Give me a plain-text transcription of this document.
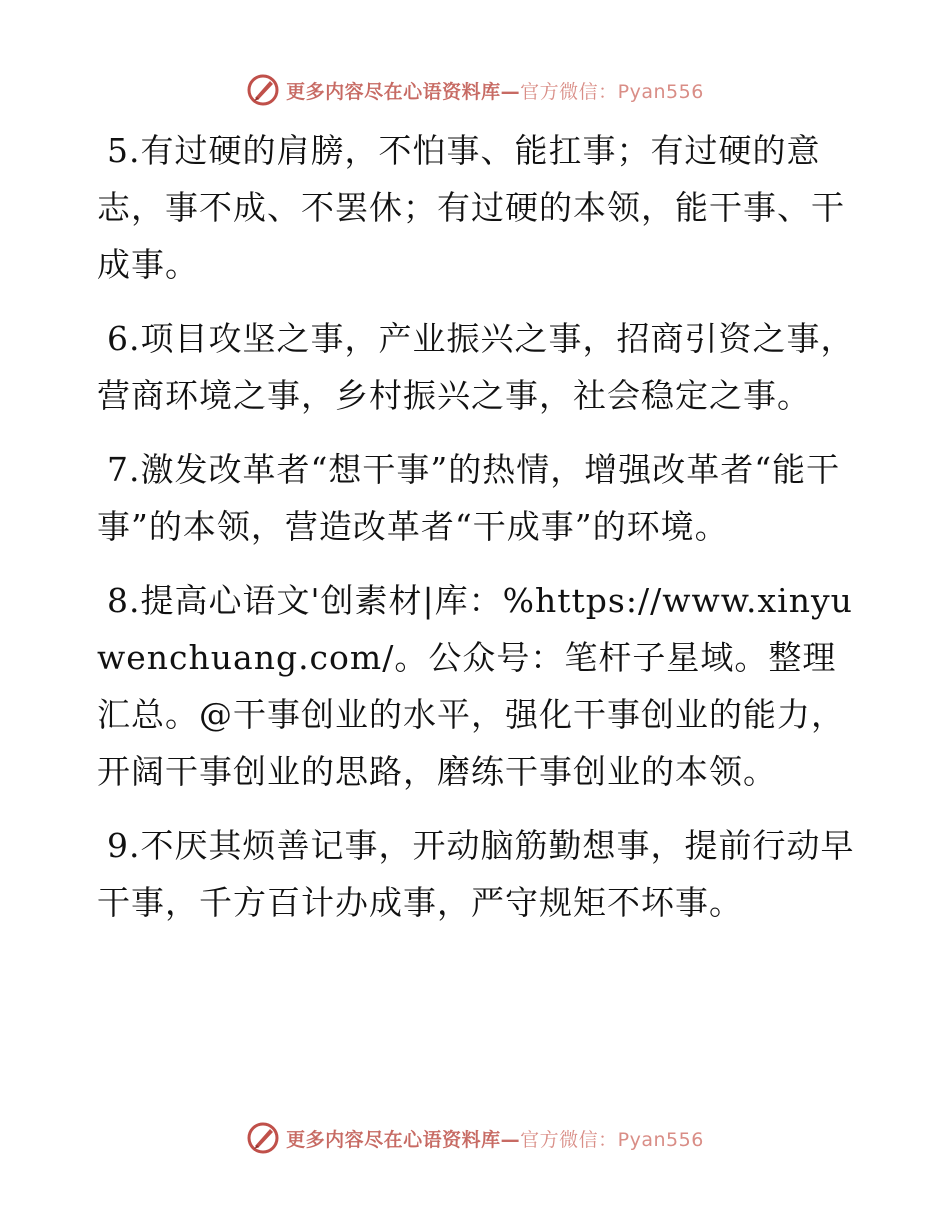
更多内容尽在心语资料库—官方微信：Pyan556

5.有过硬的肩膀，不怕事、能扛事；有过硬的意志，事不成、不罢休；有过硬的本领，能干事、干成事。

6.项目攻坚之事，产业振兴之事，招商引资之事，营商环境之事，乡村振兴之事，社会稳定之事。

7.激发改革者“想干事”的热情，增强改革者“能干事”的本领，营造改革者“干成事”的环境。

8.提高心语文'创素材|库：%https://www.xinyuwenchuang.com/。公众号：笔杆子星域。整理汇总。@干事创业的水平，强化干事创业的能力，开阔干事创业的思路，磨练干事创业的本领。

9.不厌其烦善记事，开动脑筋勤想事，提前行动早干事，千方百计办成事，严守规矩不坏事。

更多内容尽在心语资料库—官方微信：Pyan556
